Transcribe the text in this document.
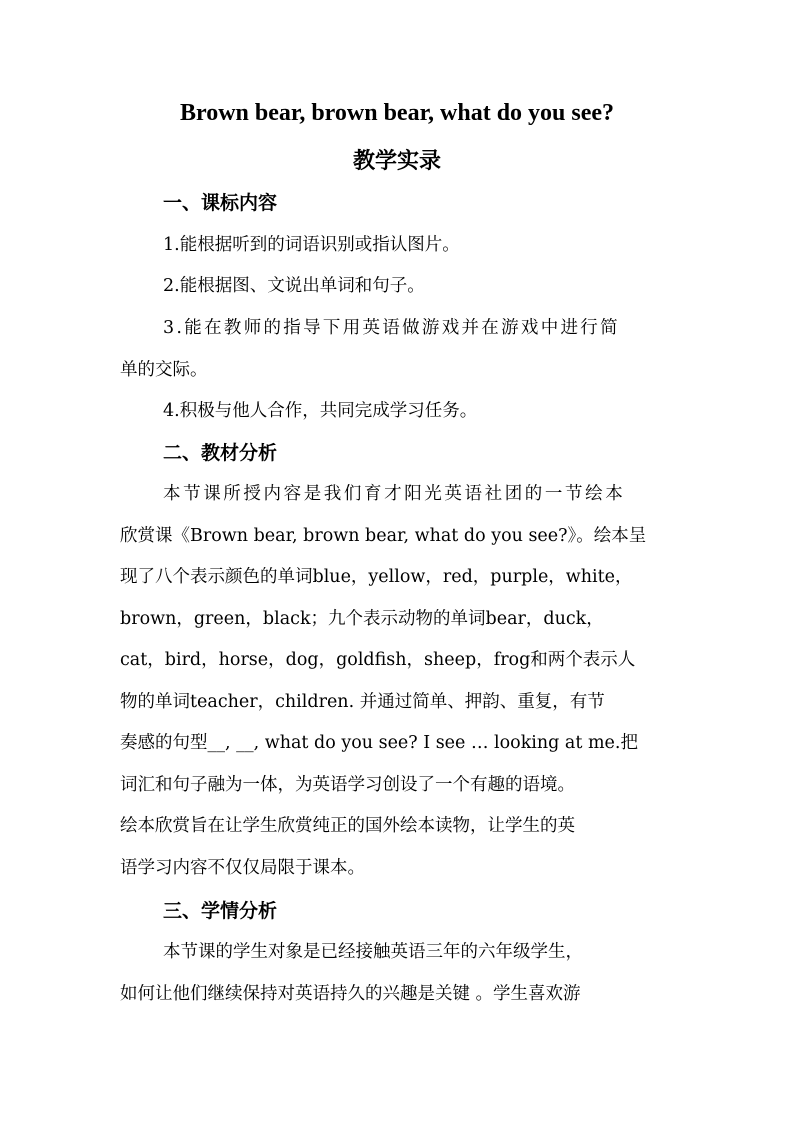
Brown bear, brown bear, what do you see?
教学实录
一、课标内容
1.能根据听到的词语识别或指认图片。
2.能根据图、文说出单词和句子。
3.能在教师的指导下用英语做游戏并在游戏中进行简
单的交际。
4.积极与他人合作，共同完成学习任务。
二、教材分析
本节课所授内容是我们育才阳光英语社团的一节绘本
欣赏课《Brown bear, brown bear, what do you see?》。绘本呈
现了八个表示颜色的单词blue，yellow，red，purple，white，
brown，green，black；九个表示动物的单词bear，duck，
cat，bird，horse，dog，goldfish，sheep，frog和两个表示人
物的单词teacher，children. 并通过简单、押韵、重复，有节
奏感的句型__, __, what do you see? I see … looking at me.把
词汇和句子融为一体，为英语学习创设了一个有趣的语境。
绘本欣赏旨在让学生欣赏纯正的国外绘本读物，让学生的英
语学习内容不仅仅局限于课本。
三、学情分析
本节课的学生对象是已经接触英语三年的六年级学生，
如何让他们继续保持对英语持久的兴趣是关键 。学生喜欢游
